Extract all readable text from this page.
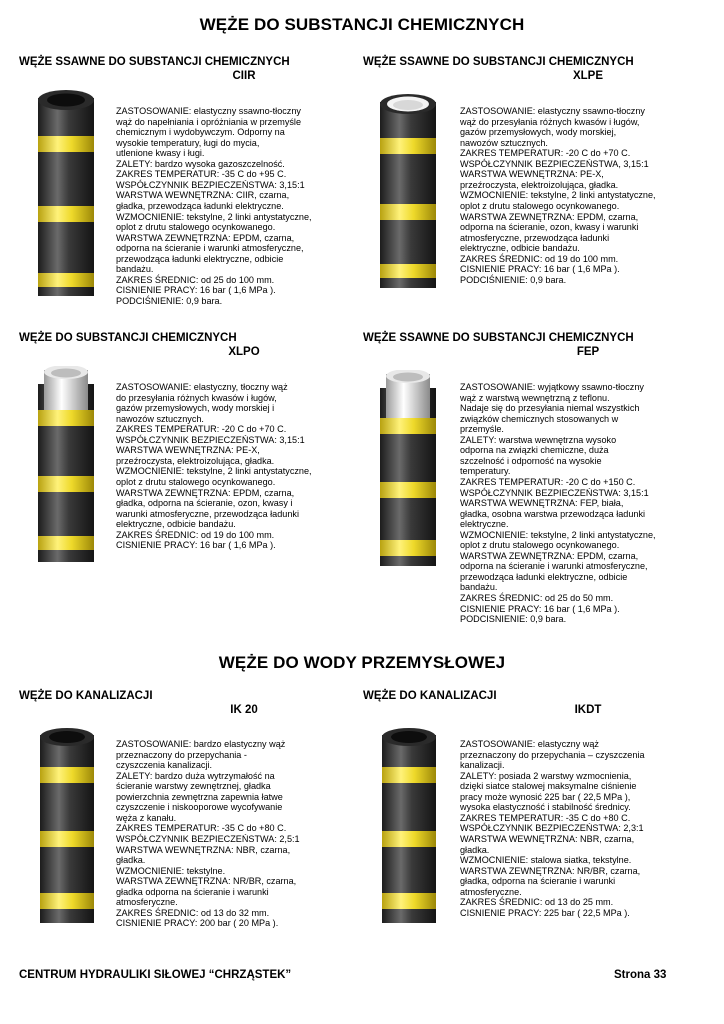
WĘŻE DO SUBSTANCJI CHEMICZNYCH
WĘŻE SSAWNE DO SUBSTANCJI CHEMICZNYCH
CIIR

ZASTOSOWANIE: elastyczny ssawno-tłoczny
wąż do napełniania i opróżniania w przemyśle
chemicznym i wydobywczym. Odporny na
wysokie temperatury, ługi do mycia,
utlenione kwasy i ługi.
ZALETY: bardzo wysoka gazoszczelność.
ZAKRES TEMPERATUR: -35 C do +95 C.
WSPÓŁCZYNNIK BEZPIECZEŃSTWA: 3,15:1
WARSTWA WEWNĘTRZNA: CIIR, czarna,
gładka, przewodząca ładunki elektryczne.
WZMOCNIENIE: tekstylne, 2 linki antystatyczne,
oplot z drutu stalowego ocynkowanego.
WARSTWA ZEWNĘTRZNA: EPDM, czarna,
odporna na ścieranie i warunki atmosferyczne,
przewodząca ładunki elektryczne, odbicie
bandażu.
ZAKRES ŚREDNIC: od 25 do 100 mm.
CISNIENIE PRACY: 16 bar ( 1,6 MPa ).
PODCIŚNIENIE: 0,9 bara.

WĘŻE SSAWNE DO SUBSTANCJI CHEMICZNYCH
XLPE

ZASTOSOWANIE: elastyczny ssawno-tłoczny
wąż do przesyłania różnych kwasów i ługów,
gazów przemysłowych, wody morskiej,
nawozów sztucznych.
ZAKRES TEMPERATUR: -20 C do +70 C.
WSPÓŁCZYNNIK BEZPIECZEŃSTWA, 3,15:1
WARSTWA WEWNĘTRZNA: PE-X,
przeźroczysta, elektroizolująca, gładka.
WZMOCNIENIE: tekstylne, 2 linki antystatyczne,
oplot z drutu stalowego ocynkowanego.
WARSTWA ZEWNĘTRZNA: EPDM, czarna,
odporna na ścieranie, ozon, kwasy i warunki
atmosferyczne, przewodząca ładunki
elektryczne, odbicie bandażu.
ZAKRES ŚREDNIC: od 19 do 100 mm.
CISNIENIE PRACY: 16 bar ( 1,6 MPa ).
PODCIŚNIENIE: 0,9 bara.

WĘŻE DO SUBSTANCJI CHEMICZNYCH
XLPO

ZASTOSOWANIE: elastyczny, tłoczny wąż
do przesyłania różnych kwasów i ługów,
gazów przemysłowych, wody morskiej i
nawozów sztucznych.
ZAKRES TEMPERATUR: -20 C do +70 C.
WSPÓŁCZYNNIK BEZPIECZEŃSTWA: 3,15:1
WARSTWA WEWNĘTRZNA: PE-X,
przeźroczysta, elektroizolująca, gładka.
WZMOCNIENIE: tekstylne, 2 linki antystatyczne,
oplot z drutu stalowego ocynkowanego.
WARSTWA ZEWNĘTRZNA: EPDM, czarna,
gładka, odporna na ścieranie, ozon, kwasy i
warunki atmosferyczne, przewodząca ładunki
elektryczne, odbicie bandażu.
ZAKRES ŚREDNIC: od 19 do 100 mm.
CISNIENIE PRACY: 16 bar ( 1,6 MPa ).

WĘŻE SSAWNE DO SUBSTANCJI CHEMICZNYCH
FEP

ZASTOSOWANIE: wyjątkowy ssawno-tłoczny
wąż z warstwą wewnętrzną z teflonu.
Nadaje się do przesyłania niemal wszystkich
związków chemicznych stosowanych w
przemyśle.
ZALETY: warstwa wewnętrzna wysoko
odporna na związki chemiczne, duża
szczelność i odporność na wysokie
temperatury.
ZAKRES TEMPERATUR: -20 C do +150 C.
WSPÓŁCZYNNIK BEZPIECZEŃSTWA: 3,15:1
WARSTWA WEWNĘTRZNA: FEP, biała,
gładka, osobna warstwa przewodząca ładunki
elektryczne.
WZMOCNIENIE: tekstylne, 2 linki antystatyczne,
oplot z drutu stalowego ocynkowanego.
WARSTWA ZEWNĘTRZNA: EPDM, czarna,
odporna na ścieranie i warunki atmosferyczne,
przewodząca ładunki elektryczne, odbicie
bandażu.
ZAKRES ŚREDNIC: od 25 do 50 mm.
CISNIENIE PRACY: 16 bar ( 1,6 MPa ).
PODCISNIENIE: 0,9 bara.

WĘŻE DO WODY PRZEMYSŁOWEJ
WĘŻE DO KANALIZACJI
IK 20

ZASTOSOWANIE: bardzo elastyczny wąż
przeznaczony do przepychania -
czyszczenia kanalizacji.
ZALETY: bardzo duża wytrzymałość na
ścieranie warstwy zewnętrznej, gładka
powierzchnia zewnętrzna zapewnia łatwe
czyszczenie i niskooporowe wycofywanie
węża z kanału.
ZAKRES TEMPERATUR: -35 C do +80 C.
WSPÓŁCZYNNIK BEZPIECZEŃSTWA: 2,5:1
WARSTWA WEWNĘTRZNA: NBR, czarna,
gładka.
WZMOCNIENIE: tekstylne.
WARSTWA ZEWNĘTRZNA: NR/BR, czarna,
gładka odporna na ścieranie i warunki
atmosferyczne.
ZAKRES ŚREDNIC: od 13 do 32 mm.
CISNIENIE PRACY: 200 bar ( 20 MPa ).

WĘŻE DO KANALIZACJI
IKDT

ZASTOSOWANIE: elastyczny wąż
przeznaczony do przepychania – czyszczenia
kanalizacji.
ZALETY: posiada 2 warstwy wzmocnienia,
dzięki siatce stalowej maksymalne ciśnienie
pracy może wynosić 225 bar ( 22,5 MPa ),
wysoka elastyczność i stabilność średnicy.
ZAKRES TEMPERATUR: -35 C do +80 C.
WSPÓŁCZYNNIK BEZPIECZEŃSTWA: 2,3:1
WARSTWA WEWNĘTRZNA: NBR, czarna,
gładka.
WZMOCNIENIE: stalowa siatka, tekstylne.
WARSTWA ZEWNĘTRZNA: NR/BR, czarna,
gładka, odporna na ścieranie i warunki
atmosferyczne.
ZAKRES ŚREDNIC: od 13 do 25 mm.
CISNIENIE PRACY: 225 bar ( 22,5 MPa ).

CENTRUM HYDRAULIKI SIŁOWEJ “CHRZĄSTEK”	Strona 33
